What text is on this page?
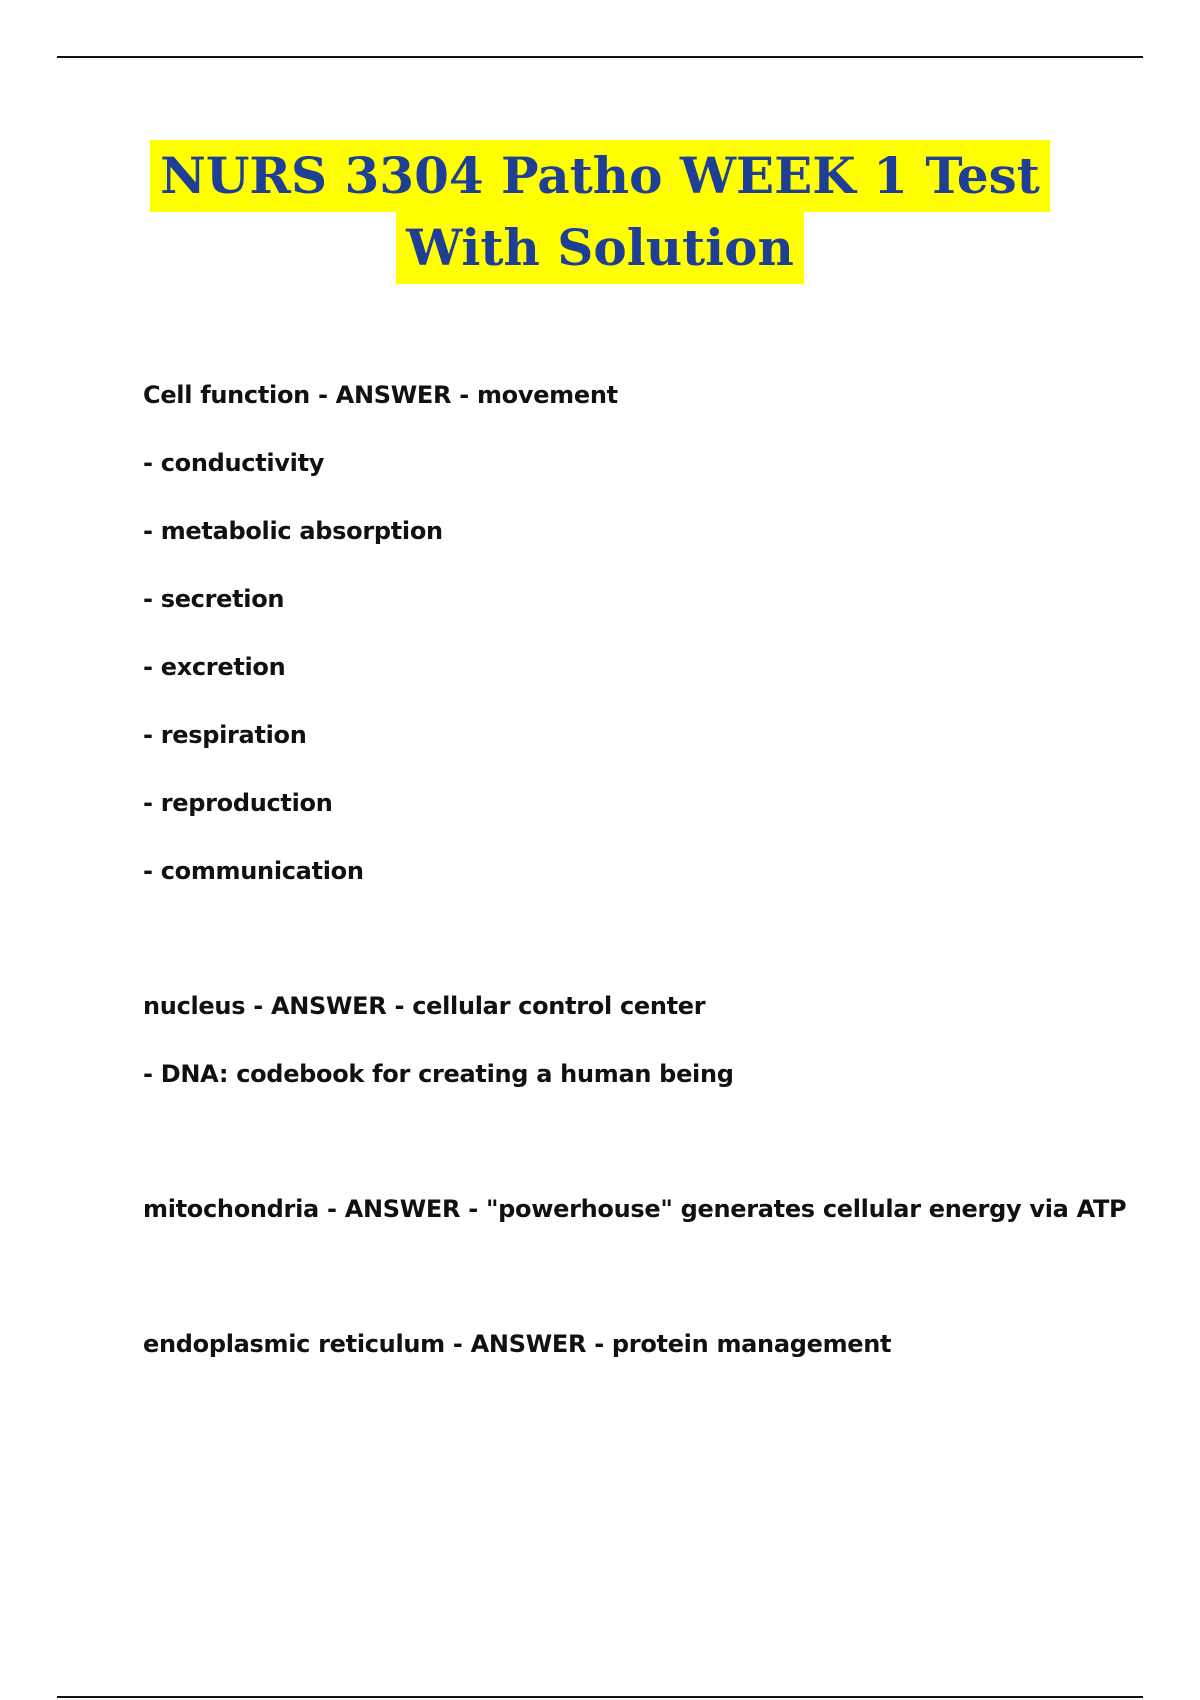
NURS 3304 Patho WEEK 1 Test
With Solution

Cell function - ANSWER - movement

- conductivity

- metabolic absorption

- secretion

- excretion

- respiration

- reproduction

- communication

nucleus - ANSWER - cellular control center

- DNA: codebook for creating a human being

mitochondria - ANSWER - "powerhouse" generates cellular energy via ATP

endoplasmic reticulum - ANSWER - protein management
